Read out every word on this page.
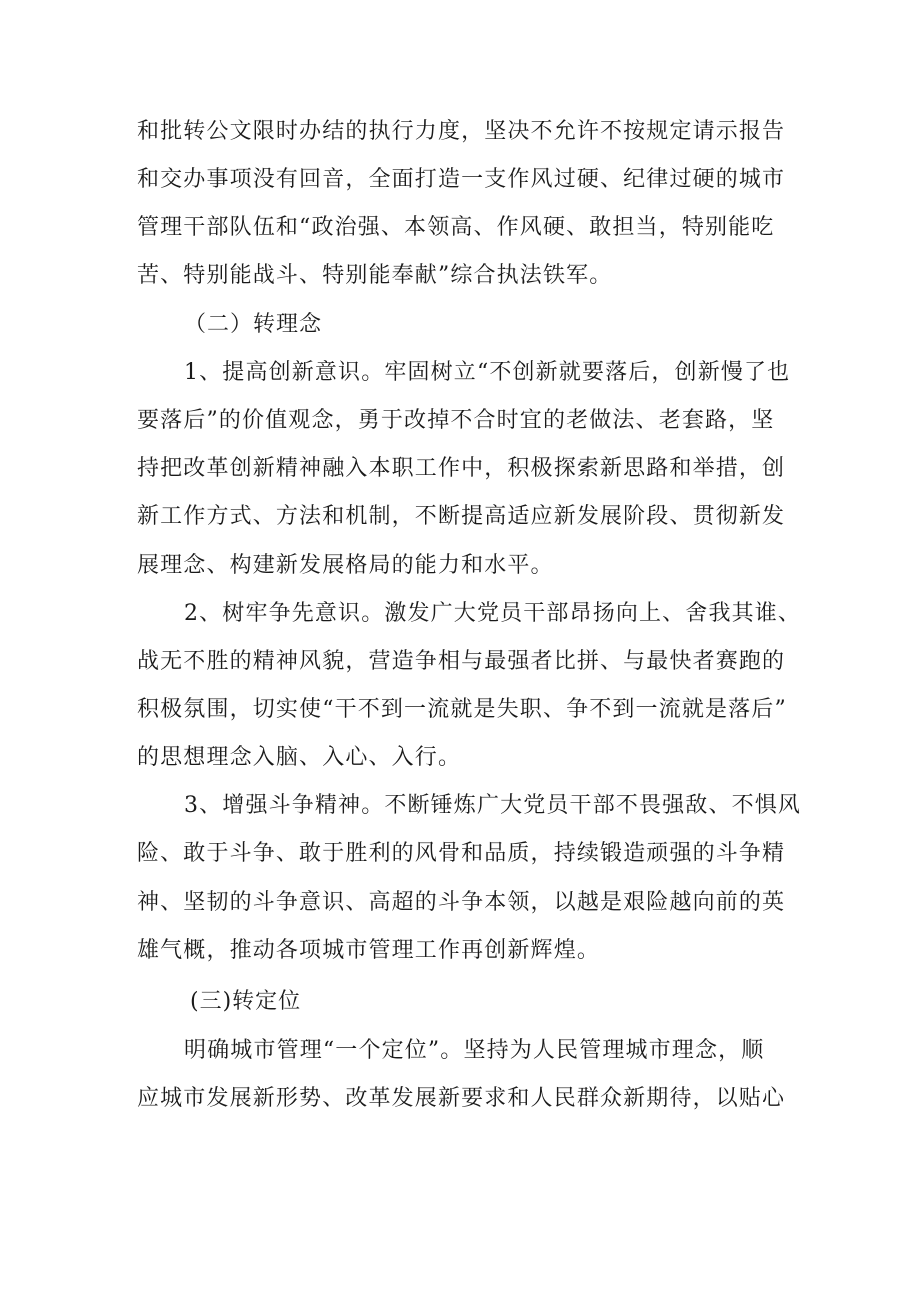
和批转公文限时办结的执行力度，坚决不允许不按规定请示报告

和交办事项没有回音，全面打造一支作风过硬、纪律过硬的城市

管理干部队伍和“政治强、本领高、作风硬、敢担当，特别能吃

苦、特别能战斗、特别能奉献”综合执法铁军。

（二）转理念

1、提高创新意识。牢固树立“不创新就要落后，创新慢了也

要落后”的价值观念，勇于改掉不合时宜的老做法、老套路，坚

持把改革创新精神融入本职工作中，积极探索新思路和举措，创

新工作方式、方法和机制，不断提高适应新发展阶段、贯彻新发

展理念、构建新发展格局的能力和水平。

2、树牢争先意识。激发广大党员干部昂扬向上、舍我其谁、

战无不胜的精神风貌，营造争相与最强者比拼、与最快者赛跑的

积极氛围，切实使“干不到一流就是失职、争不到一流就是落后”

的思想理念入脑、入心、入行。

3、增强斗争精神。不断锤炼广大党员干部不畏强敌、不惧风

险、敢于斗争、敢于胜利的风骨和品质，持续锻造顽强的斗争精

神、坚韧的斗争意识、高超的斗争本领，以越是艰险越向前的英

雄气概，推动各项城市管理工作再创新辉煌。

(三)转定位

明确城市管理“一个定位”。坚持为人民管理城市理念，顺

应城市发展新形势、改革发展新要求和人民群众新期待，以贴心
